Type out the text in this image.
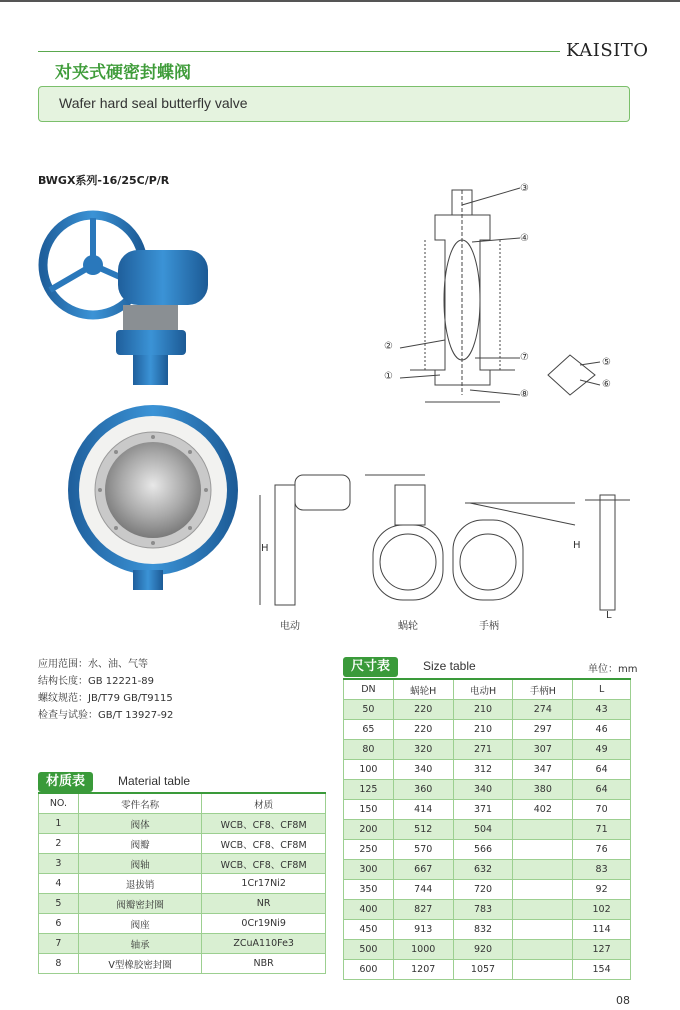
KAISITO
对夹式硬密封蝶阀
Wafer hard seal butterfly valve
BWGX系列-16/25C/P/R
③
④
②
⑦
①
⑧
⑤
⑥
H	H
L
电动	蜗轮	手柄
应用范围：水、油、气等
结构长度：GB 12221-89
螺纹规范：JB/T79 GB/T9115
检查与试验：GB/T 13927-92
材质表	Material table
NO.	零件名称	材质
1	阀体	WCB、CF8、CF8M
2	阀瓣	WCB、CF8、CF8M
3	阀轴	WCB、CF8、CF8M
4	退拔销	1Cr17Ni2
5	阀瓣密封圈	NR
6	阀座	0Cr19Ni9
7	轴承	ZCuA110Fe3
8	V型橡胶密封圈	NBR
尺寸表	Size table	单位：mm
DN	蜗轮H	电动H	手柄H	L
50	220	210	274	43
65	220	210	297	46
80	320	271	307	49
100	340	312	347	64
125	360	340	380	64
150	414	371	402	70
200	512	504		71
250	570	566		76
300	667	632		83
350	744	720		92
400	827	783		102
450	913	832		114
500	1000	920		127
600	1207	1057		154
08
